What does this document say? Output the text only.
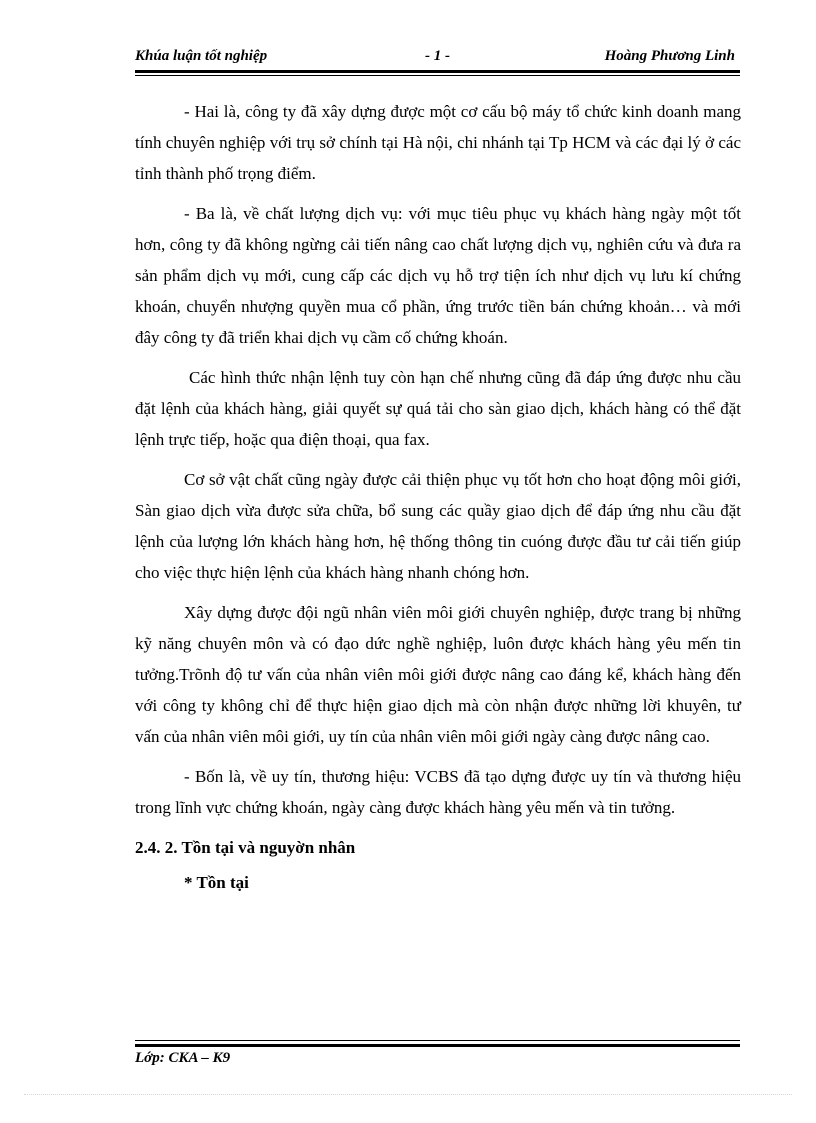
Khúa luận tốt nghiệp	- 1 -	Hoàng Phương Linh

- Hai là, công ty đã xây dựng được một cơ cấu bộ máy tổ chức kinh doanh mang tính chuyên nghiệp với trụ sở chính tại Hà nội, chi nhánh tại Tp HCM và các đại lý ở các tỉnh thành phố trọng điểm.

- Ba là, về chất lượng dịch vụ: với mục tiêu phục vụ khách hàng ngày một tốt hơn, công ty đã không ngừng cải tiến nâng cao chất lượng dịch vụ, nghiên cứu và đưa ra sản phẩm dịch vụ mới, cung cấp các dịch vụ hỗ trợ tiện ích như dịch vụ lưu kí chứng khoán, chuyển nhượng quyền mua cổ phần, ứng trước tiền bán chứng khoản… và mới đây công ty đã triển khai dịch vụ cầm cố chứng khoán.

Các hình thức nhận lệnh tuy còn hạn chế nhưng cũng đã đáp ứng được nhu cầu đặt lệnh của khách hàng, giải quyết sự quá tải cho sàn giao dịch, khách hàng có thể đặt lệnh trực tiếp, hoặc qua điện thoại, qua fax.

Cơ sở vật chất cũng ngày được cải thiện phục vụ tốt hơn cho hoạt động môi giới, Sàn giao dịch vừa được sửa chữa, bổ sung các quầy giao dịch để đáp ứng nhu cầu đặt lệnh của lượng lớn khách hàng hơn, hệ thống thông tin cuóng được đầu tư cải tiến giúp cho việc thực hiện lệnh của khách hàng nhanh chóng hơn.

Xây dựng được đội ngũ nhân viên môi giới chuyên nghiệp, được trang bị những kỹ năng chuyên môn và có đạo dức nghề nghiệp, luôn được khách hàng yêu mến tin tưởng.Trõnh độ tư vấn của nhân viên môi giới được nâng cao đáng kể, khách hàng đến với công ty không chỉ để thực hiện giao dịch mà còn nhận được những lời khuyên, tư vấn của nhân viên môi giới, uy tín của nhân viên môi giới ngày càng được nâng cao.

- Bốn là, về uy tín, thương hiệu: VCBS đã tạo dựng được uy tín và thương hiệu trong lĩnh vực chứng khoán, ngày càng được khách hàng yêu mến và tin tưởng.

2.4. 2. Tồn tại và nguyờn nhân
* Tồn tại
Lớp: CKA – K9
